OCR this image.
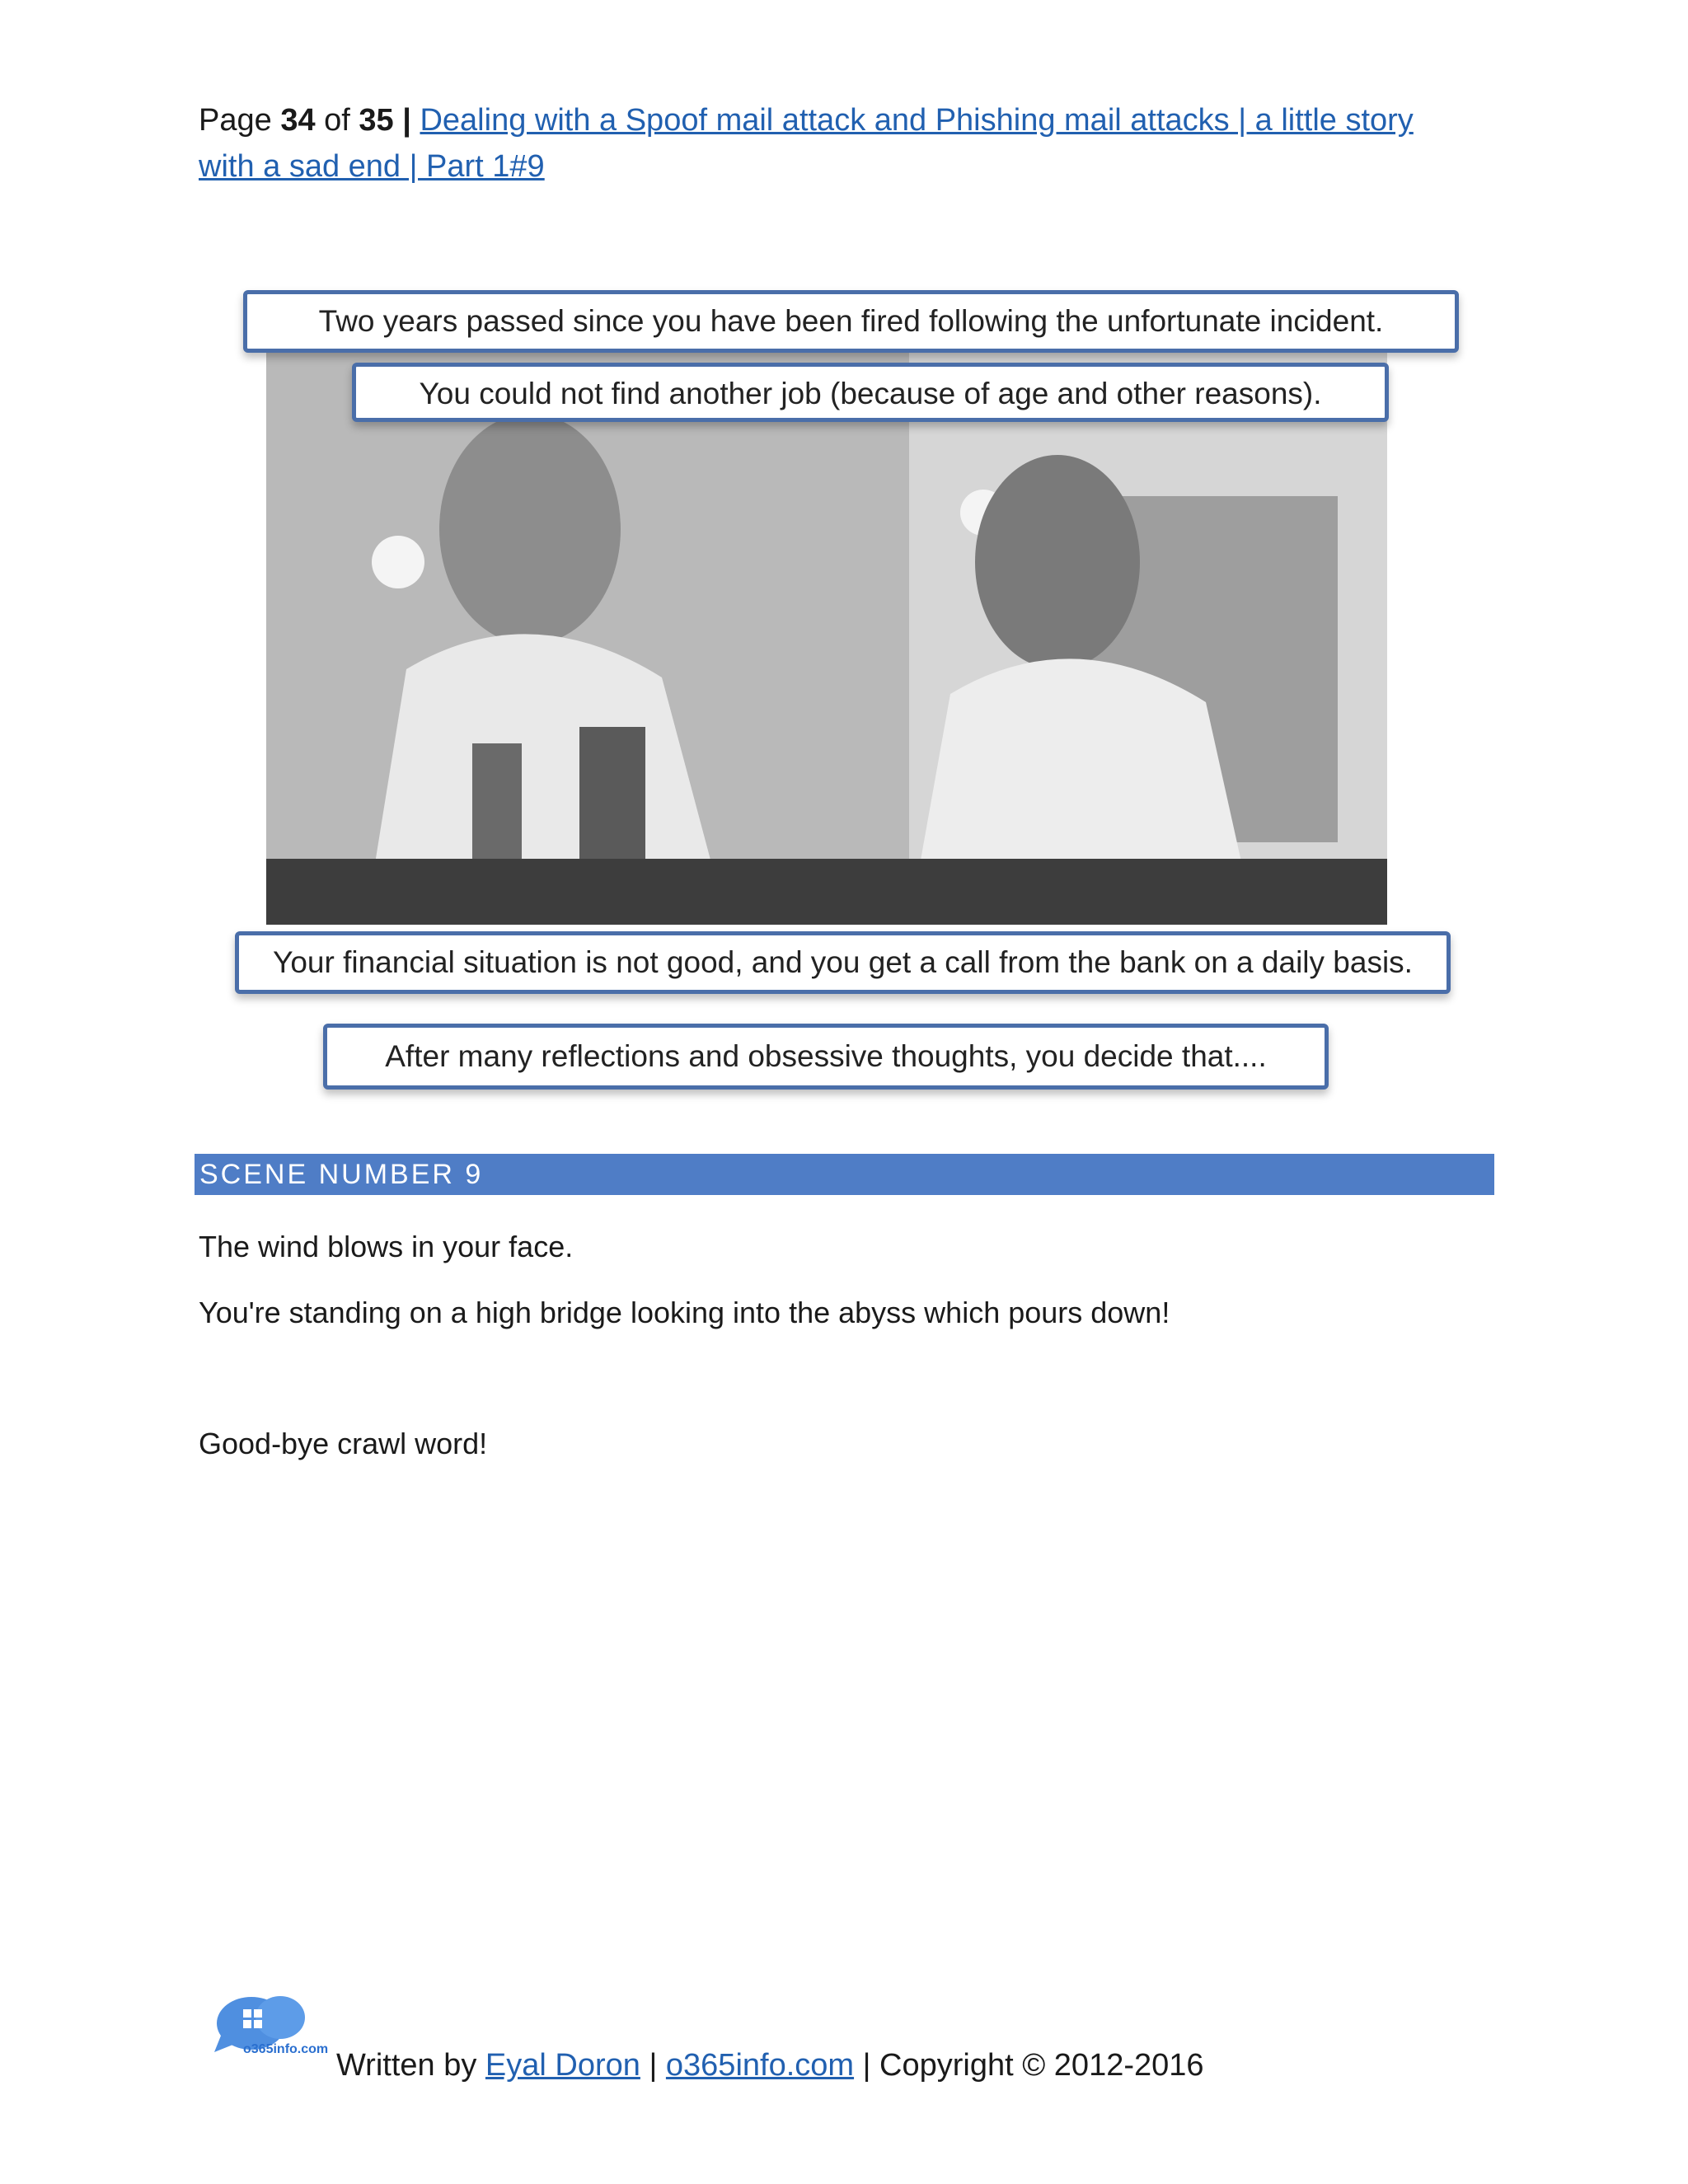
Page 34 of 35 | Dealing with a Spoof mail attack and Phishing mail attacks | a little story
with a sad end | Part 1#9
Two years passed since you have been fired following the unfortunate incident.
You could not find another job (because of age and other reasons).
Your financial situation is not good, and you get a call from the bank on a daily basis.
After many reflections and obsessive thoughts, you decide that....
SCENE NUMBER 9
The wind blows in your face.
You're standing on a high bridge looking into the abyss which pours down!
Good-bye crawl word!
o365info.com Written by Eyal Doron | o365info.com | Copyright © 2012-2016
